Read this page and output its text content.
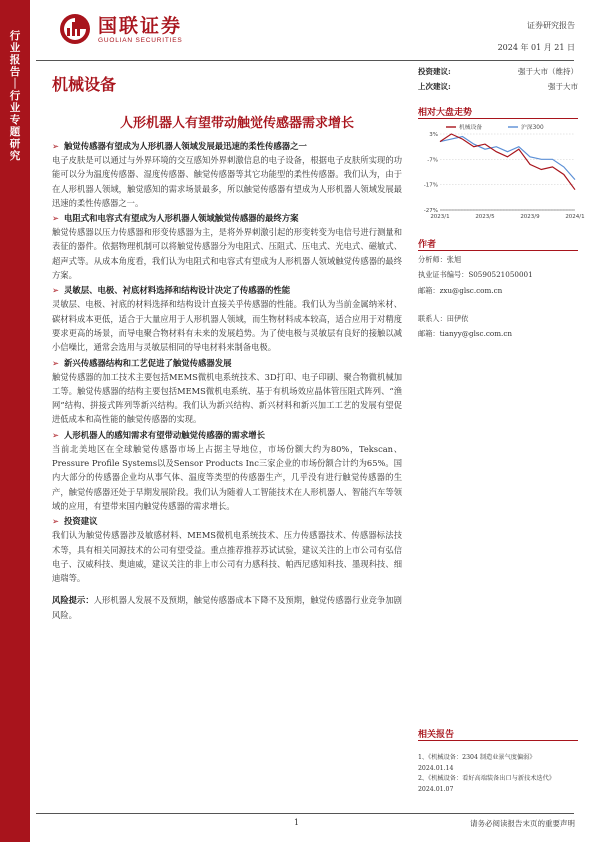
行业报告｜行业专题研究
国联证券
GUOLIAN SECURITIES
证券研究报告
2024 年 01 月 21 日
机械设备
人形机器人有望带动触觉传感器需求增长
投资建议:	强于大市（维持）
上次建议:	强于大市
相对大盘走势
3%
-7%
-17%
-27%
2023/1	2023/5	2023/9	2024/1
机械设备	沪深300
作者
分析师：张旭
执业证书编号：S0590521050001
邮箱：zxu@glsc.com.cn
联系人：田伊依
邮箱：tianyy@glsc.com.cn
相关报告
1、《机械设备：2304 制造业景气度偏弱》
2024.01.14
2、《机械设备：看好高端装备出口与新技术迭代》
2024.01.07
➢ 触觉传感器有望成为人形机器人领域发展最迅速的柔性传感器之一
电子皮肤是可以通过与外界环境的交互感知外界刺激信息的电子设备，根据电子皮肤所实现的功能可以分为温度传感器、湿度传感器、触觉传感器等其它功能型的柔性传感器。我们认为，由于在人形机器人领域，触觉感知的需求场景最多，所以触觉传感器有望成为人形机器人领域发展最迅速的柔性传感器之一。
➢ 电阻式和电容式有望成为人形机器人领域触觉传感器的最终方案
触觉传感器以压力传感器和形变传感器为主，是将外界刺激引起的形变转变为电信号进行测量和表征的器件。依据物理机制可以将触觉传感器分为电阻式、压阻式、压电式、光电式、磁敏式、超声式等。从成本角度看，我们认为电阻式和电容式有望成为人形机器人领域触觉传感器的最终方案。
➢ 灵敏层、电极、衬底材料选择和结构设计决定了传感器的性能
灵敏层、电极、衬底的材料选择和结构设计直接关乎传感器的性能。我们认为当前金属纳米材、碳材料成本更低，适合于大量应用于人形机器人领域，而生物材料成本较高，适合应用于对精度要求更高的场景，而导电聚合物材料有未来的发展趋势。为了使电极与灵敏层有良好的接触以减小信噪比，通常会选用与灵敏层相同的导电材料来制备电极。
➢ 新兴传感器结构和工艺促进了触觉传感器发展
触觉传感器的加工技术主要包括MEMS微机电系统技术、3D打印、电子印刷、聚合物微机械加工等。触觉传感器的结构主要包括MEMS微机电系统、基于有机场效应晶体管压阻式阵列、“渔网”结构、拼接式阵列等新兴结构。我们认为新兴结构、新兴材料和新兴加工工艺的发展有望促进低成本和高性能的触觉传感器的实现。
➢ 人形机器人的感知需求有望带动触觉传感器的需求增长
当前北美地区在全球触觉传感器市场上占据主导地位，市场份额大约为80%，Tekscan、Pressure Profile Systems以及Sensor Products Inc三家企业的市场份额合计约为65%。国内大部分的传感器企业均从事气体、温度等类型的传感器生产，几乎没有进行触觉传感器的生产，触觉传感器还处于早期发展阶段。我们认为随着人工智能技术在人形机器人、智能汽车等领域的应用，有望带来国内触觉传感器的需求增长。
➢ 投资建议
我们认为触觉传感器涉及敏感材料、MEMS微机电系统技术、压力传感器技术、传感器标法技术等，具有相关同源技术的公司有望受益。重点推荐推荐苏试试验，建议关注的上市公司有弘信电子、汉威科技、奥迪威，建议关注的非上市公司有力感科技、帕西尼感知科技、墨现科技、细迪瑞等。
风险提示：人形机器人发展不及预期，触觉传感器成本下降不及预期，触觉传感器行业竞争加剧风险。
1	请务必阅读报告末页的重要声明
